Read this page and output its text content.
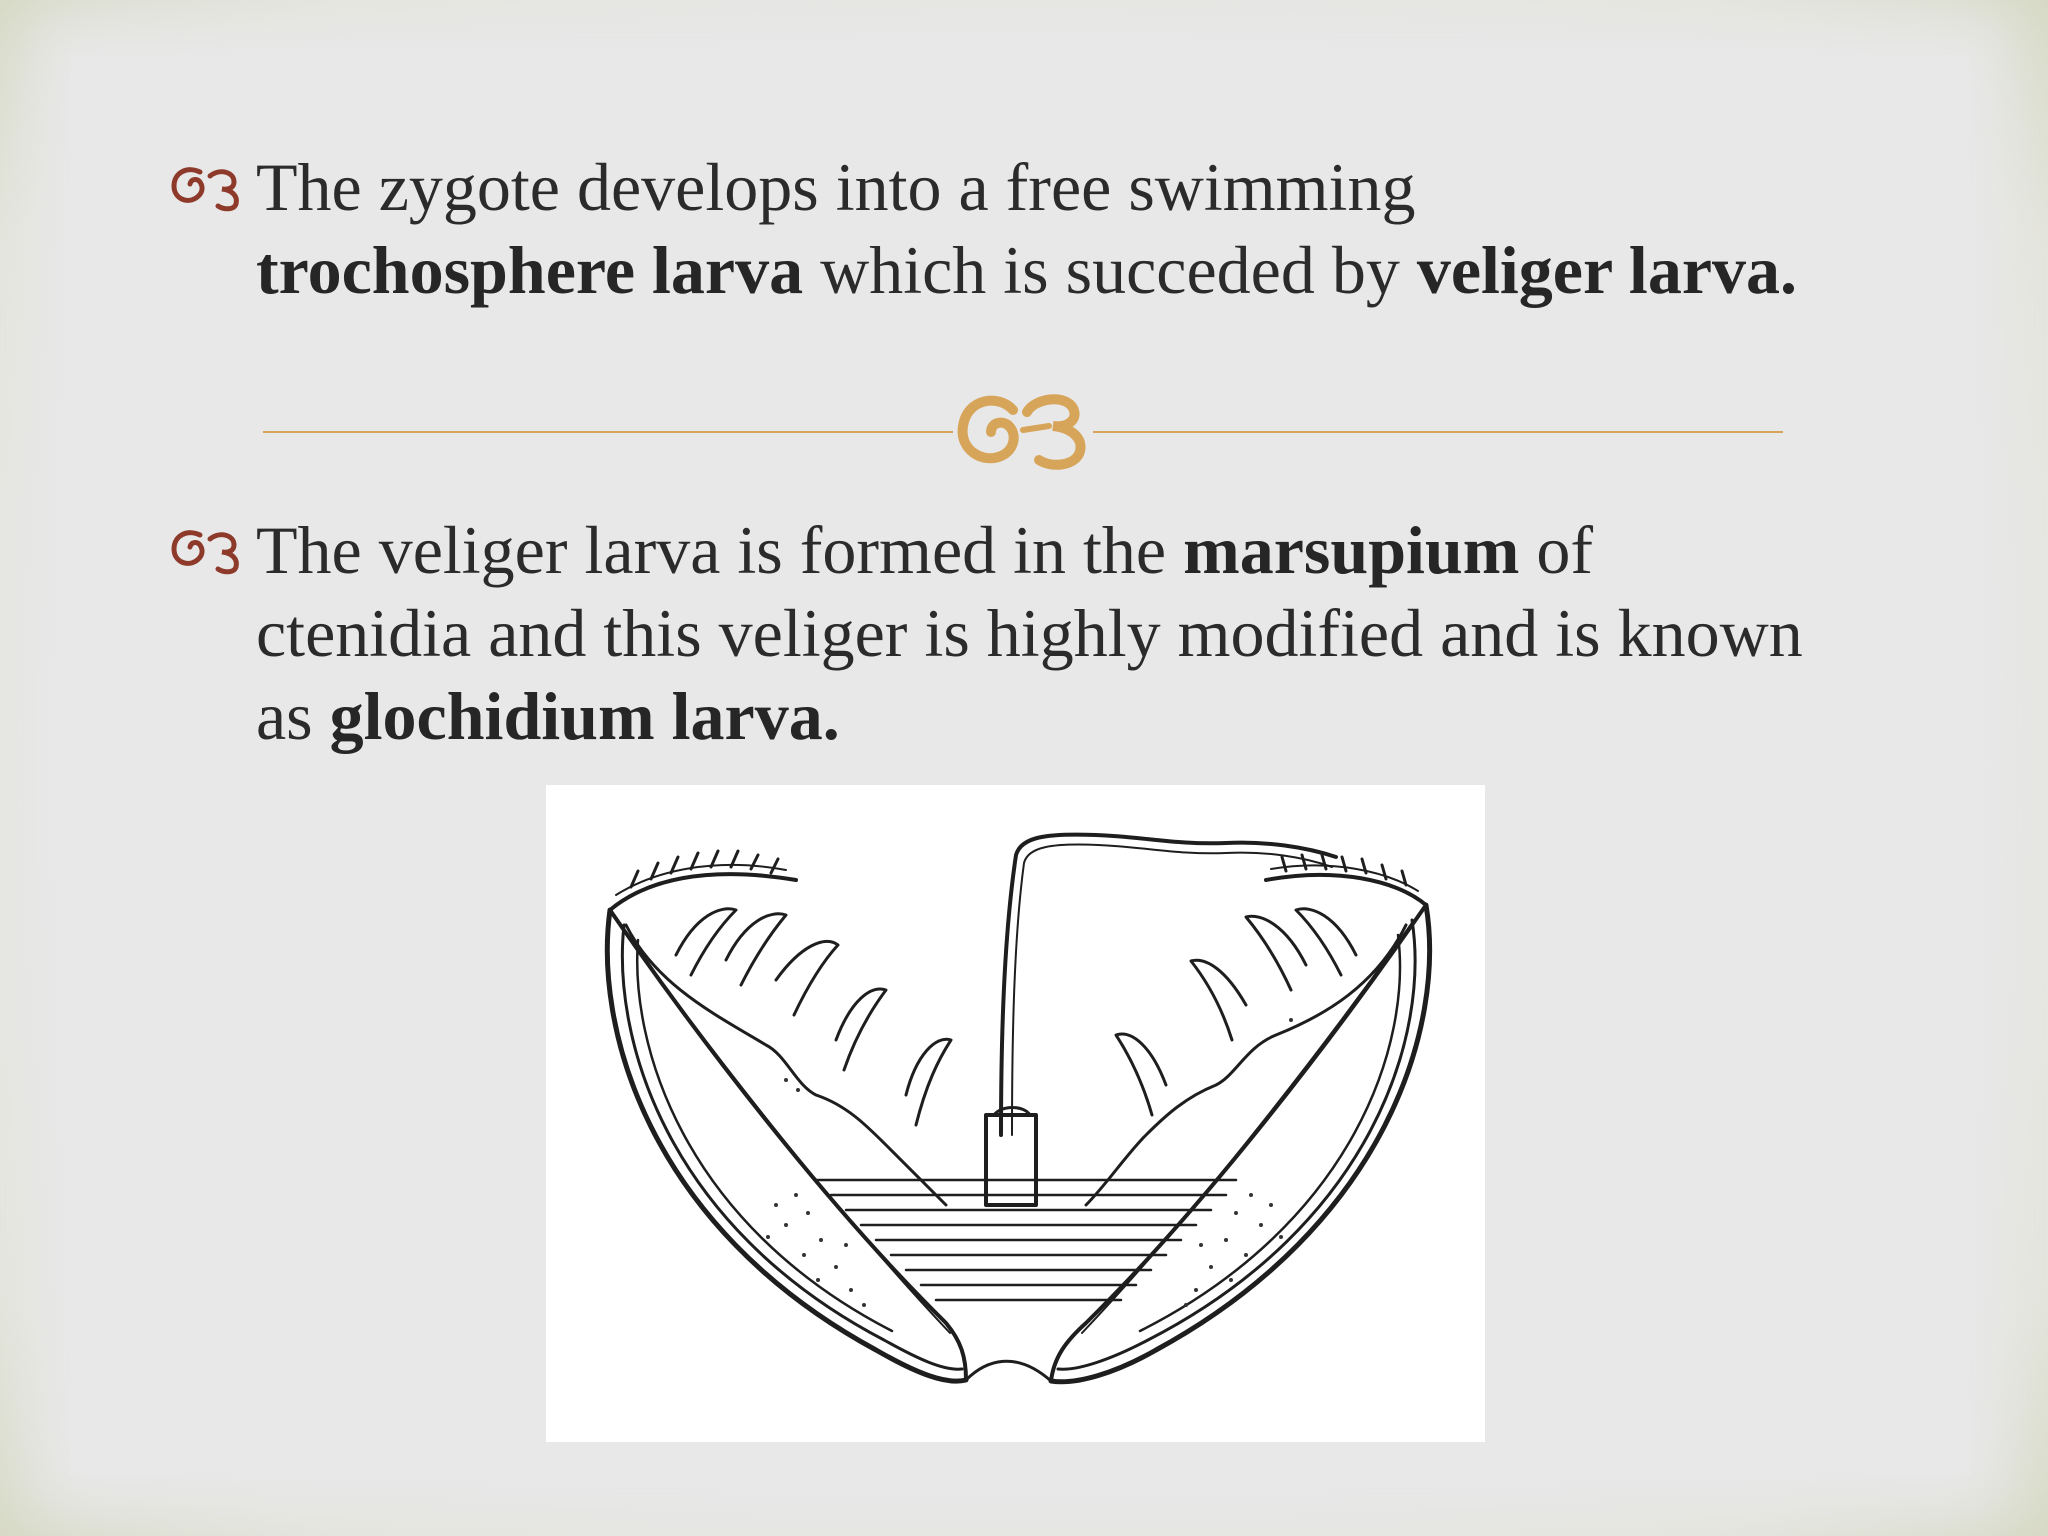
The zygote develops into a free swimming trochosphere larva which is succeded by veliger larva.
The veliger larva is formed in the marsupium of ctenidia and this veliger is highly modified and is known as glochidium larva.
